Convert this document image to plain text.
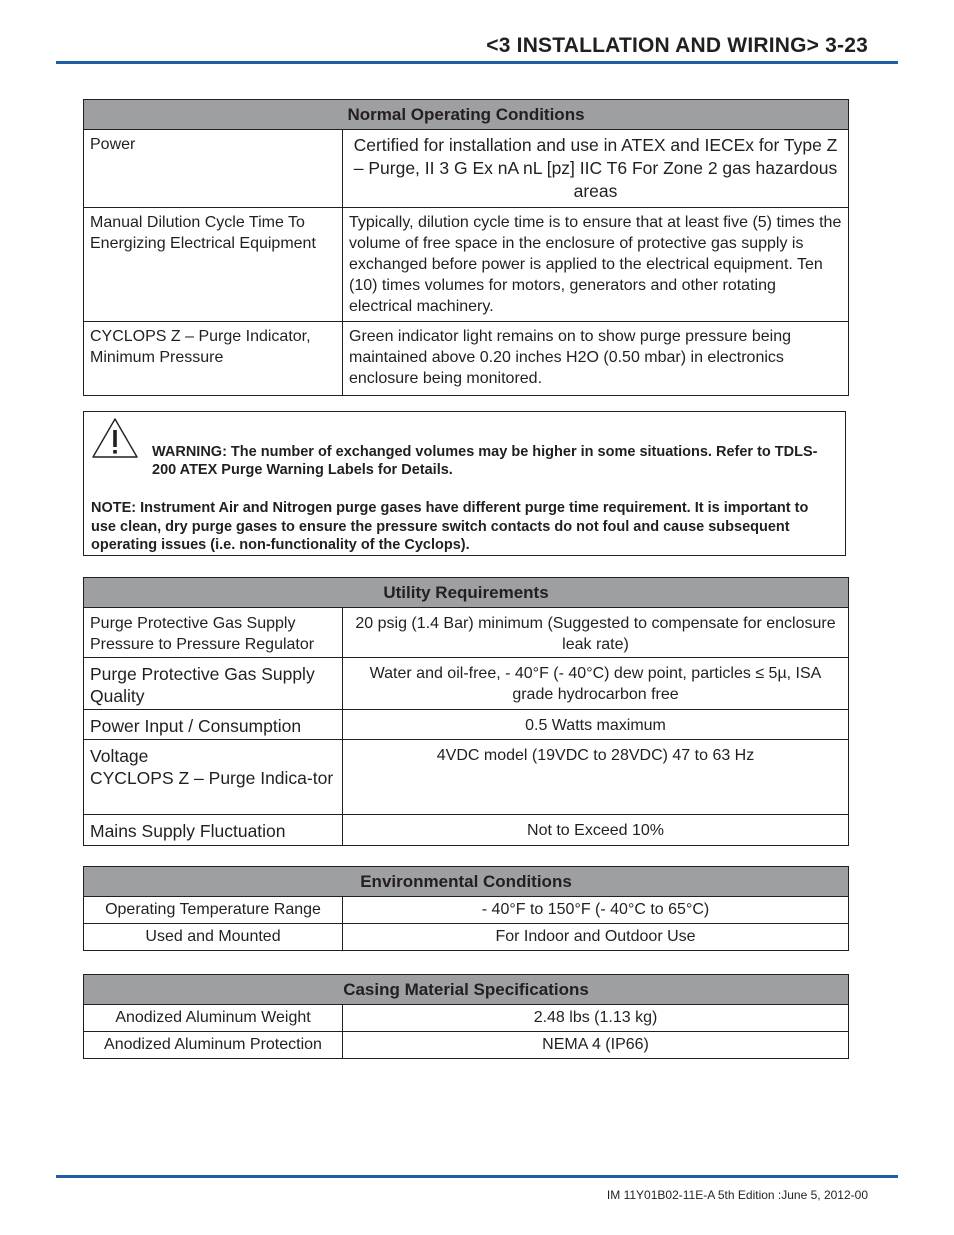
<3 INSTALLATION AND WIRING> 3-23
Normal Operating Conditions	
Power	Certified for installation and use in ATEX and IECEx for Type Z – Purge, II 3 G Ex nA nL [pz] IIC T6 For Zone 2 gas hazardous areas
Manual Dilution Cycle Time To Energizing Electrical Equipment	Typically, dilution cycle time is to ensure that at least five (5) times the volume of free space in the enclosure of protective gas supply is exchanged before power is applied to the electrical equipment. Ten (10) times volumes for motors, generators and other rotating electrical machinery.
CYCLOPS Z – Purge Indicator, Minimum Pressure	Green indicator light remains on to show purge pressure being maintained above 0.20 inches H2O (0.50 mbar) in electronics enclosure being monitored.
WARNING: The number of exchanged volumes may be higher in some situations. Refer to TDLS-200 ATEX Purge Warning Labels for Details.
NOTE: Instrument Air and Nitrogen purge gases have different purge time requirement. It is important to use clean, dry purge gases to ensure the pressure switch contacts do not foul and cause subsequent operating issues (i.e. non-functionality of the Cyclops).
Utility Requirements	
Purge Protective Gas Supply Pressure to Pressure Regulator	20 psig (1.4 Bar) minimum (Suggested to compensate for enclosure leak rate)
Purge Protective Gas Supply Quality	Water and oil-free, - 40°F (- 40°C) dew point, particles ≤ 5µ, ISA grade hydrocarbon free
Power Input / Consumption	0.5 Watts maximum

Voltage
CYCLOPS Z – Purge Indica-tor	4VDC model (19VDC to 28VDC) 47 to 63 Hz
Mains Supply Fluctuation	Not to Exceed 10%
Environmental Conditions	
Operating Temperature Range	- 40°F to 150°F (- 40°C to 65°C)
Used and Mounted	For Indoor and Outdoor Use
Casing Material Specifications	
Anodized Aluminum Weight	2.48 lbs (1.13 kg)
Anodized Aluminum Protection	NEMA 4 (IP66)
IM 11Y01B02-11E-A 5th Edition :June 5, 2012-00
